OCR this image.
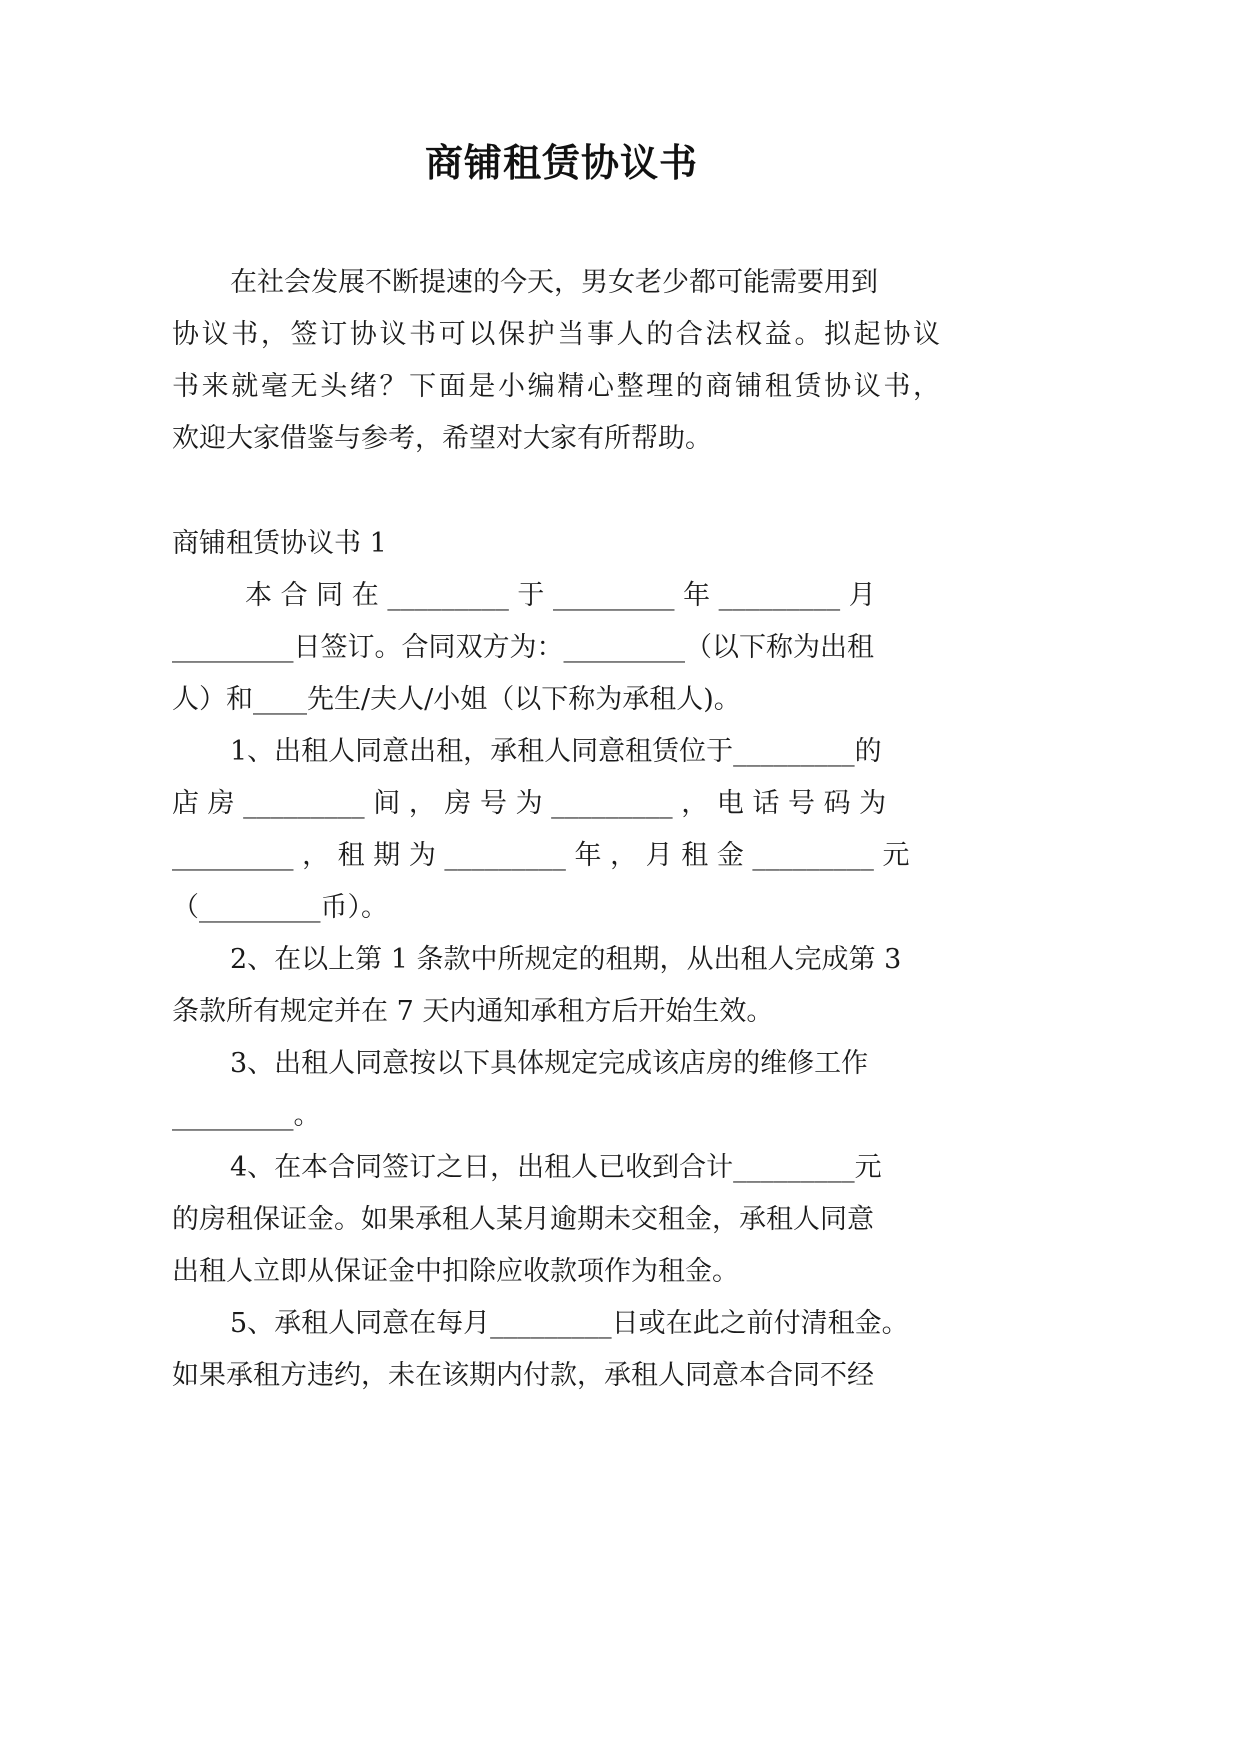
商铺租赁协议书
在社会发展不断提速的今天，男女老少都可能需要用到
协议书，签订协议书可以保护当事人的合法权益。拟起协议
书来就毫无头绪？下面是小编精心整理的商铺租赁协议书，
欢迎大家借鉴与参考，希望对大家有所帮助。
商铺租赁协议书 1
本 合 同 在 _________ 于 _________ 年 _________ 月
_________日签订。合同双方为：_________（以下称为出租
人）和____先生/夫人/小姐（以下称为承租人)。
1、出租人同意出租，承租人同意租赁位于_________的
店 房 _________ 间 ， 房 号 为 _________ ， 电 话 号 码 为
_________ ， 租 期 为 _________ 年 ， 月 租 金 _________ 元
（_________币）。
2、在以上第 1 条款中所规定的租期，从出租人完成第 3
条款所有规定并在 7 天内通知承租方后开始生效。
3、出租人同意按以下具体规定完成该店房的维修工作
_________。
4、在本合同签订之日，出租人已收到合计_________元
的房租保证金。如果承租人某月逾期未交租金，承租人同意
出租人立即从保证金中扣除应收款项作为租金。
5、承租人同意在每月_________日或在此之前付清租金。
如果承租方违约，未在该期内付款，承租人同意本合同不经
